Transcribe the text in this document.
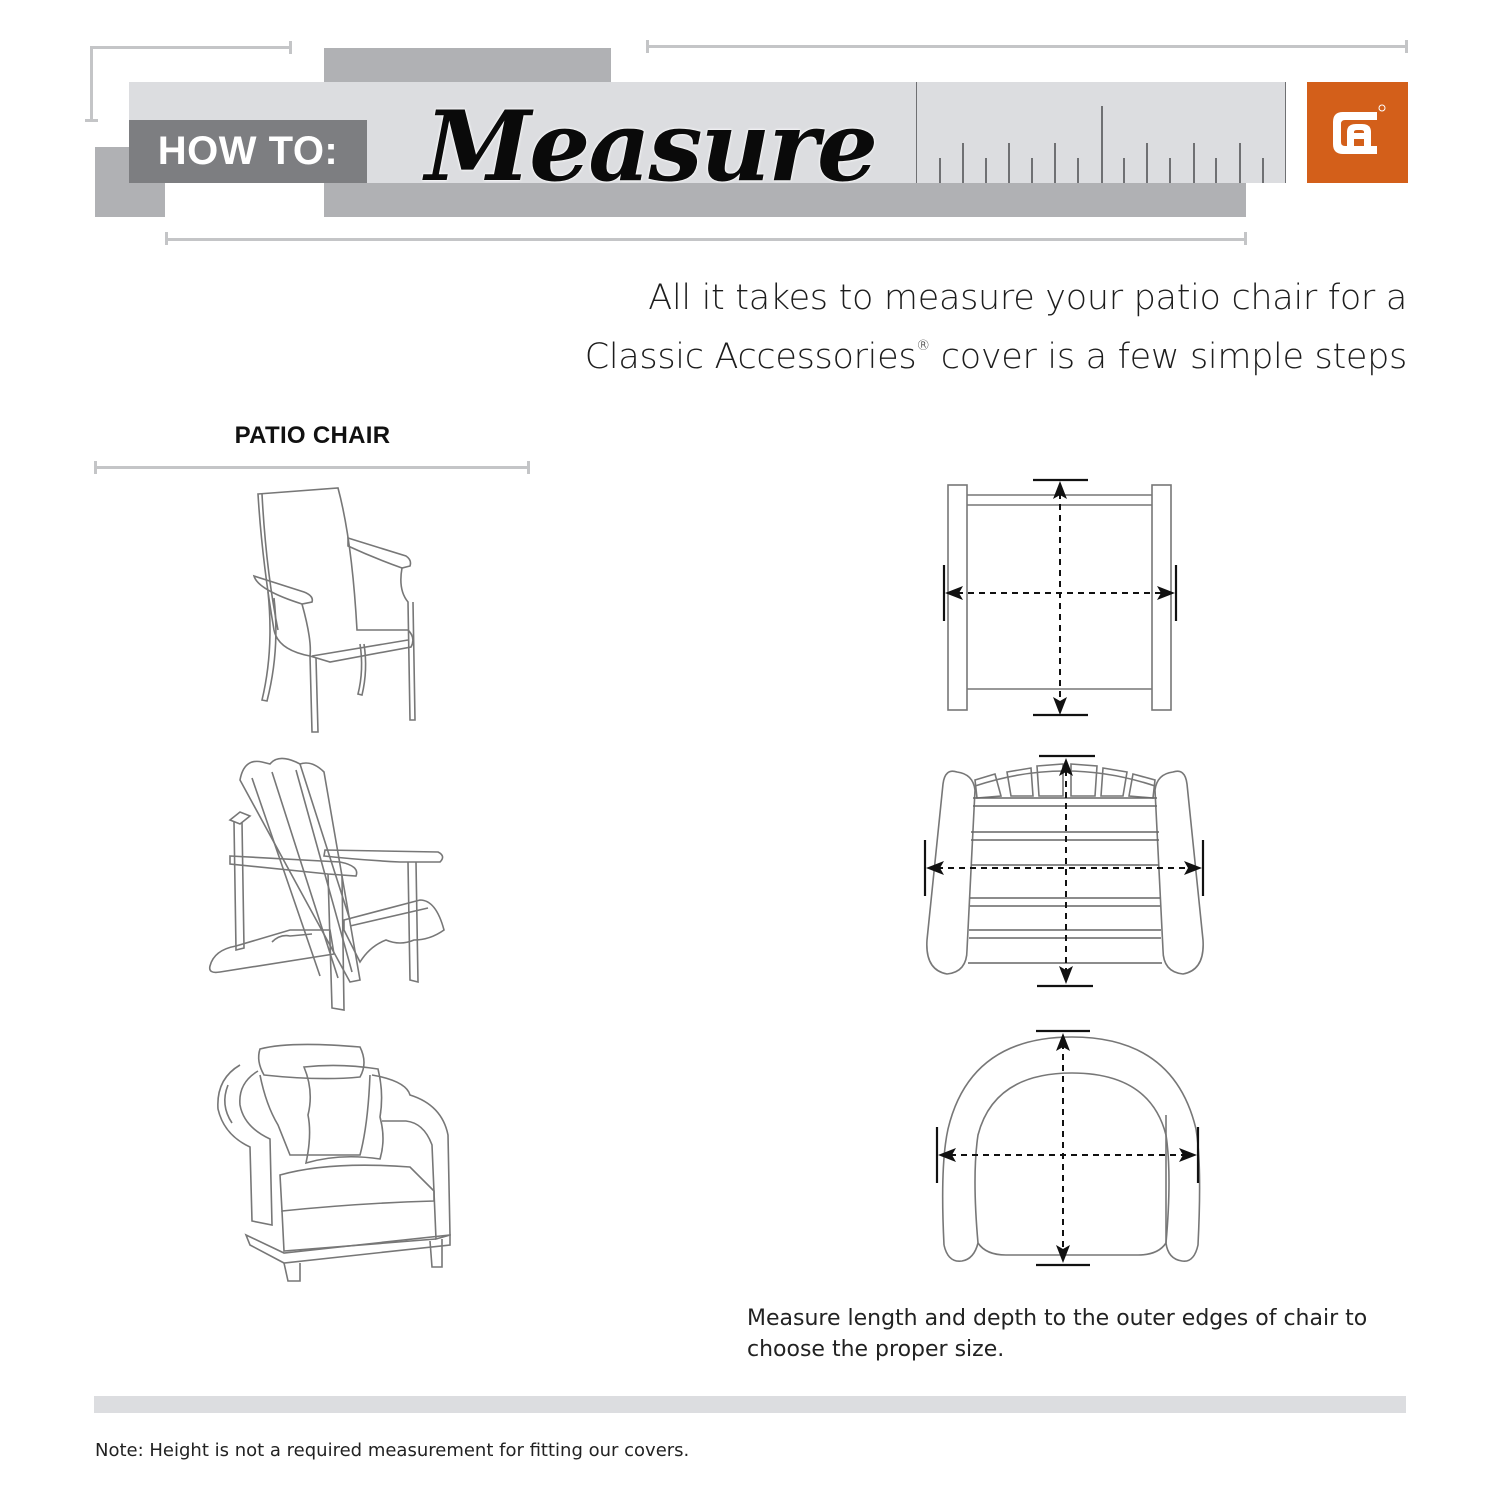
HOW TO: Measure
All it takes to measure your patio chair for a
Classic Accessories® cover is a few simple steps
PATIO CHAIR
Measure length and depth to the outer edges of chair to choose the proper size.
Note: Height is not a required measurement for fitting our covers.
